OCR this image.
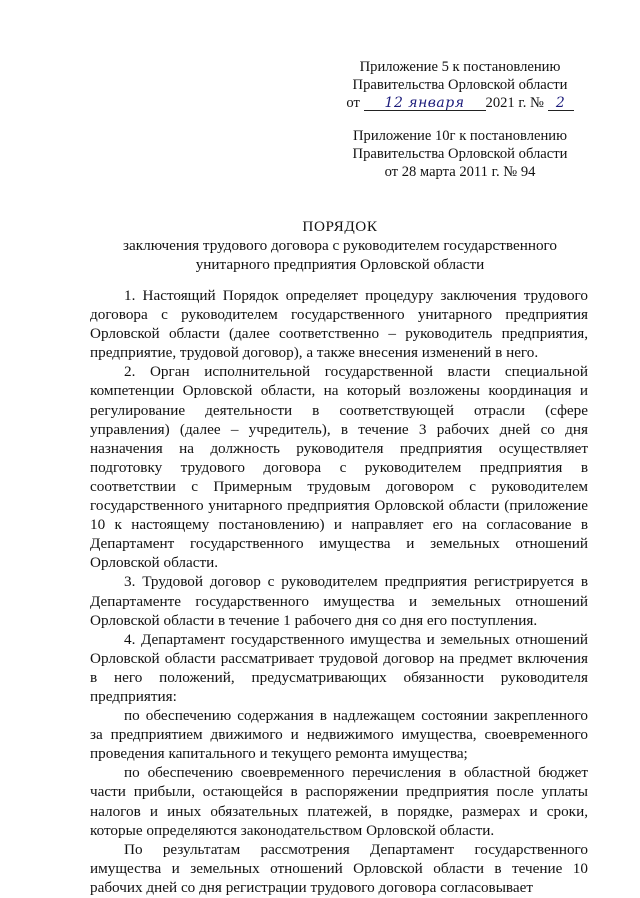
Приложение 5 к постановлению
Правительства Орловской области
от 12 января 2021 г. № 2
Приложение 10г к постановлению
Правительства Орловской области
от 28 марта 2011 г. № 94
ПОРЯДОК
заключения трудового договора с руководителем государственного
унитарного предприятия Орловской области

1. Настоящий Порядок определяет процедуру заключения трудового договора с руководителем государственного унитарного предприятия Орловской области (далее соответственно – руководитель предприятия, предприятие, трудовой договор), а также внесения изменений в него.

2. Орган исполнительной государственной власти специальной компетенции Орловской области, на который возложены координация и регулирование деятельности в соответствующей отрасли (сфере управления) (далее – учредитель), в течение 3 рабочих дней со дня назначения на должность руководителя предприятия осуществляет подготовку трудового договора с руководителем предприятия в соответствии с Примерным трудовым договором с руководителем государственного унитарного предприятия Орловской области (приложение 10 к настоящему постановлению) и направляет его на согласование в Департамент государственного имущества и земельных отношений Орловской области.

3. Трудовой договор с руководителем предприятия регистрируется в Департаменте государственного имущества и земельных отношений Орловской области в течение 1 рабочего дня со дня его поступления.

4. Департамент государственного имущества и земельных отношений Орловской области рассматривает трудовой договор на предмет включения в него положений, предусматривающих обязанности руководителя предприятия:

по обеспечению содержания в надлежащем состоянии закрепленного за предприятием движимого и недвижимого имущества, своевременного проведения капитального и текущего ремонта имущества;

по обеспечению своевременного перечисления в областной бюджет части прибыли, остающейся в распоряжении предприятия после уплаты налогов и иных обязательных платежей, в порядке, размерах и сроки, которые определяются законодательством Орловской области.

По результатам рассмотрения Департамент государственного имущества и земельных отношений Орловской области в течение 10 рабочих дней со дня регистрации трудового договора согласовывает
